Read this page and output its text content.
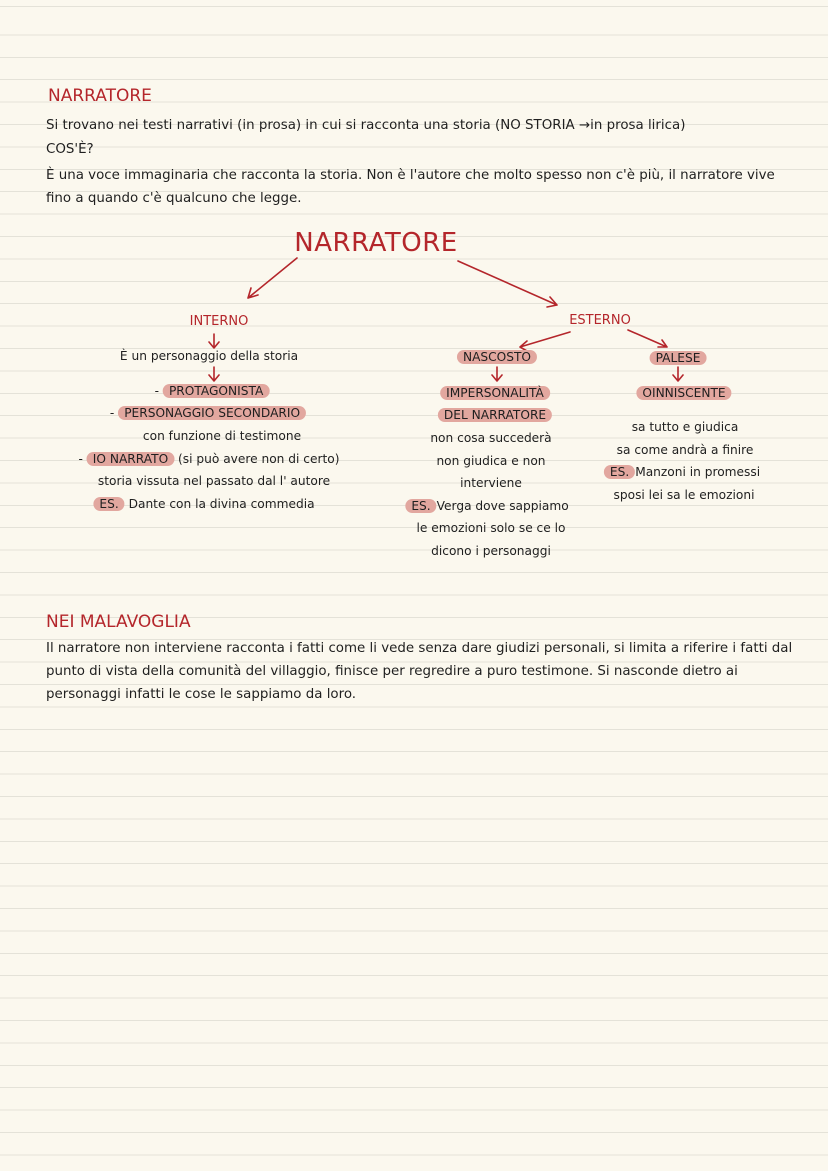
NARRATORE
Si trovano nei testi narrativi (in prosa) in cui si racconta una storia (NO STORIA →in prosa lirica)
COS'È?
È una voce immaginaria che racconta la storia. Non è l'autore che molto spesso non c'è più, il narratore vive fino a quando c'è qualcuno che legge.
NARRATORE
INTERNO
È un personaggio della storia
- PROTAGONISTA
- PERSONAGGIO SECONDARIO
con funzione di testimone
- IO NARRATO (si può avere non di certo)
storia vissuta nel passato dal l' autore
ES. Dante con la divina commedia
ESTERNO
NASCOSTO
IMPERSONALITÀ
DEL NARRATORE
non cosa succederà
non giudica e non
interviene
ES. Verga dove sappiamo
le emozioni solo se ce lo
dicono i personaggi
PALESE
OINNISCENTE
sa tutto e giudica
sa come andrà a finire
ES. Manzoni in promessi
sposi lei sa le emozioni
NEI MALAVOGLIA
Il narratore non interviene racconta i fatti come li vede senza dare giudizi personali, si limita a riferire i fatti dal punto di vista della comunità del villaggio, finisce per regredire a puro testimone. Si nasconde dietro ai personaggi infatti le cose le sappiamo da loro.
